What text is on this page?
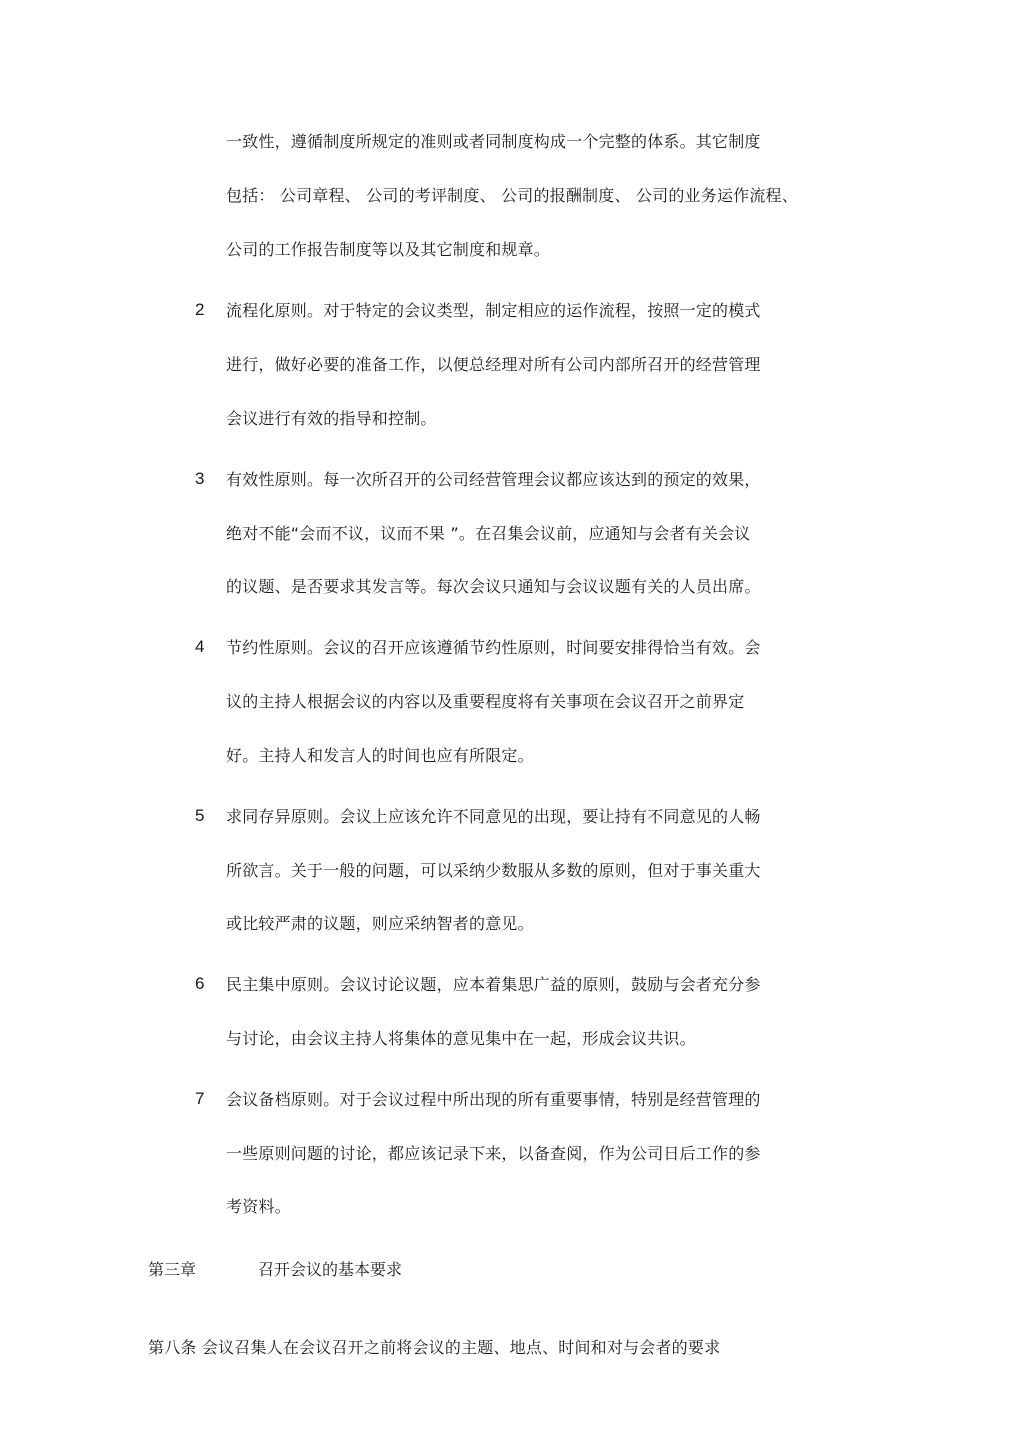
一致性，遵循制度所规定的准则或者同制度构成一个完整的体系。其它制度
包括： 公司章程、 公司的考评制度、 公司的报酬制度、 公司的业务运作流程、
公司的工作报告制度等以及其它制度和规章。
2 流程化原则。对于特定的会议类型，制定相应的运作流程，按照一定的模式
进行，做好必要的准备工作，以便总经理对所有公司内部所召开的经营管理
会议进行有效的指导和控制。
3 有效性原则。每一次所召开的公司经营管理会议都应该达到的预定的效果，
绝对不能“会而不议，议而不果 ”。在召集会议前，应通知与会者有关会议
的议题、是否要求其发言等。每次会议只通知与会议议题有关的人员出席。
4 节约性原则。会议的召开应该遵循节约性原则，时间要安排得恰当有效。会
议的主持人根据会议的内容以及重要程度将有关事项在会议召开之前界定
好。主持人和发言人的时间也应有所限定。
5 求同存异原则。会议上应该允许不同意见的出现，要让持有不同意见的人畅
所欲言。关于一般的问题，可以采纳少数服从多数的原则，但对于事关重大
或比较严肃的议题，则应采纳智者的意见。
6 民主集中原则。会议讨论议题，应本着集思广益的原则，鼓励与会者充分参
与讨论，由会议主持人将集体的意见集中在一起，形成会议共识。
7 会议备档原则。对于会议过程中所出现的所有重要事情，特别是经营管理的
一些原则问题的讨论，都应该记录下来，以备查阅，作为公司日后工作的参
考资料。
第三章	召开会议的基本要求
第八条 会议召集人在会议召开之前将会议的主题、地点、时间和对与会者的要求
